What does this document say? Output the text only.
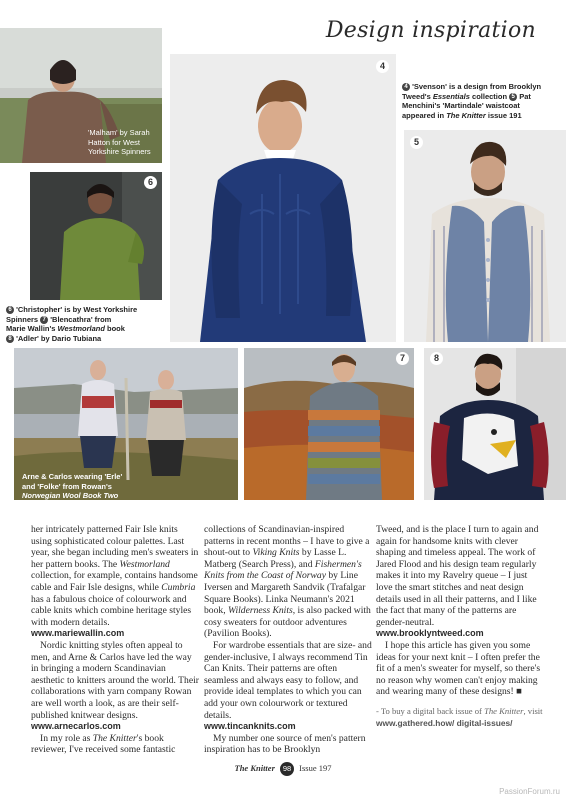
Design inspiration
'Malham' by Sarah Hatton for West Yorkshire Spinners
6
6 'Christopher' is by West Yorkshire
Spinners 7 'Blencathra' from
Marie Wallin's Westmorland book
8 'Adler' by Dario Tubiana
4
4 'Svenson' is a design from Brooklyn
Tweed's Essentials collection 5 Pat
Menchini's 'Martindale' waistcoat
appeared in The Knitter issue 191
5
Arne & Carlos wearing 'Erle'
and 'Folke' from Rowan's
Norwegian Wool Book Two
7	8

her intricately patterned Fair Isle knits using sophisticated colour palettes. Last year, she began including men's sweaters in her pattern books. The Westmorland collection, for example, contains handsome cable and Fair Isle designs, while Cumbria has a fabulous choice of colourwork and cable knits which combine heritage styles with modern details. www.mariewallin.com

Nordic knitting styles often appeal to men, and Arne & Carlos have led the way in bringing a modern Scandinavian aesthetic to knitters around the world. Their collaborations with yarn company Rowan are well worth a look, as are their self-published knitwear designs.

www.arnecarlos.com

In my role as The Knitter's book reviewer, I've received some fantastic

collections of Scandinavian-inspired patterns in recent months – I have to give a shout-out to Viking Knits by Lasse L. Matberg (Search Press), and Fishermen's Knits from the Coast of Norway by Line Iversen and Margareth Sandvik (Trafalgar Square Books). Linka Neumann's 2021 book, Wilderness Knits, is also packed with cosy sweaters for outdoor adventures (Pavilion Books).

For wardrobe essentials that are size- and gender-inclusive, I always recommend Tin Can Knits. Their patterns are often seamless and always easy to follow, and provide ideal templates to which you can add your own colourwork or textured details.

www.tincanknits.com

My number one source of men's pattern inspiration has to be Brooklyn

Tweed, and is the place I turn to again and again for handsome knits with clever shaping and timeless appeal. The work of Jared Flood and his design team regularly makes it into my Ravelry queue – I just love the smart stitches and neat design details used in all their patterns, and I like the fact that many of the patterns are gender-neutral.

www.brooklyntweed.com

I hope this article has given you some ideas for your next knit – I often prefer the fit of a men's sweater for myself, so there's no reason why women can't enjoy making and wearing many of these designs! ■

- To buy a digital back issue of The Knitter, visit www.gathered.how/ digital-issues/

The Knitter 98 Issue 197
PassionForum.ru
